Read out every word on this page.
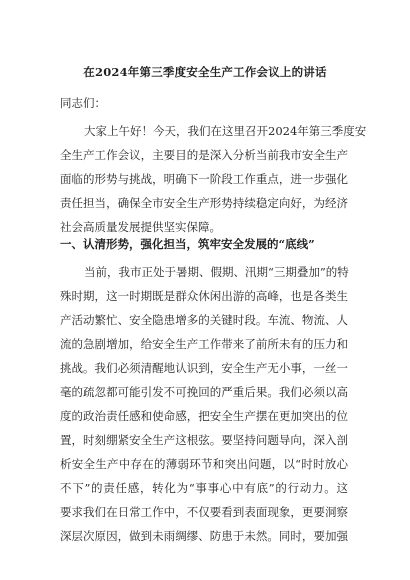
在2024年第三季度安全生产工作会议上的讲话
同志们：
大家上午好！今天，我们在这里召开2024年第三季度安
全生产工作会议，主要目的是深入分析当前我市安全生产
面临的形势与挑战，明确下一阶段工作重点，进一步强化
责任担当，确保全市安全生产形势持续稳定向好，为经济
社会高质量发展提供坚实保障。
一、认清形势，强化担当，筑牢安全发展的“底线”
当前，我市正处于暑期、假期、汛期“三期叠加”的特
殊时期，这一时期既是群众休闲出游的高峰，也是各类生
产活动繁忙、安全隐患增多的关键时段。车流、物流、人
流的急剧增加，给安全生产工作带来了前所未有的压力和
挑战。我们必须清醒地认识到，安全生产无小事，一丝一
毫的疏忽都可能引发不可挽回的严重后果。我们必须以高
度的政治责任感和使命感，把安全生产摆在更加突出的位
置，时刻绷紧安全生产这根弦。要坚持问题导向，深入剖
析安全生产中存在的薄弱环节和突出问题，以“时时放心
不下”的责任感，转化为“事事心中有底”的行动力。这
要求我们在日常工作中，不仅要看到表面现象，更要洞察
深层次原因，做到未雨绸缪、防患于未然。同时，要加强
